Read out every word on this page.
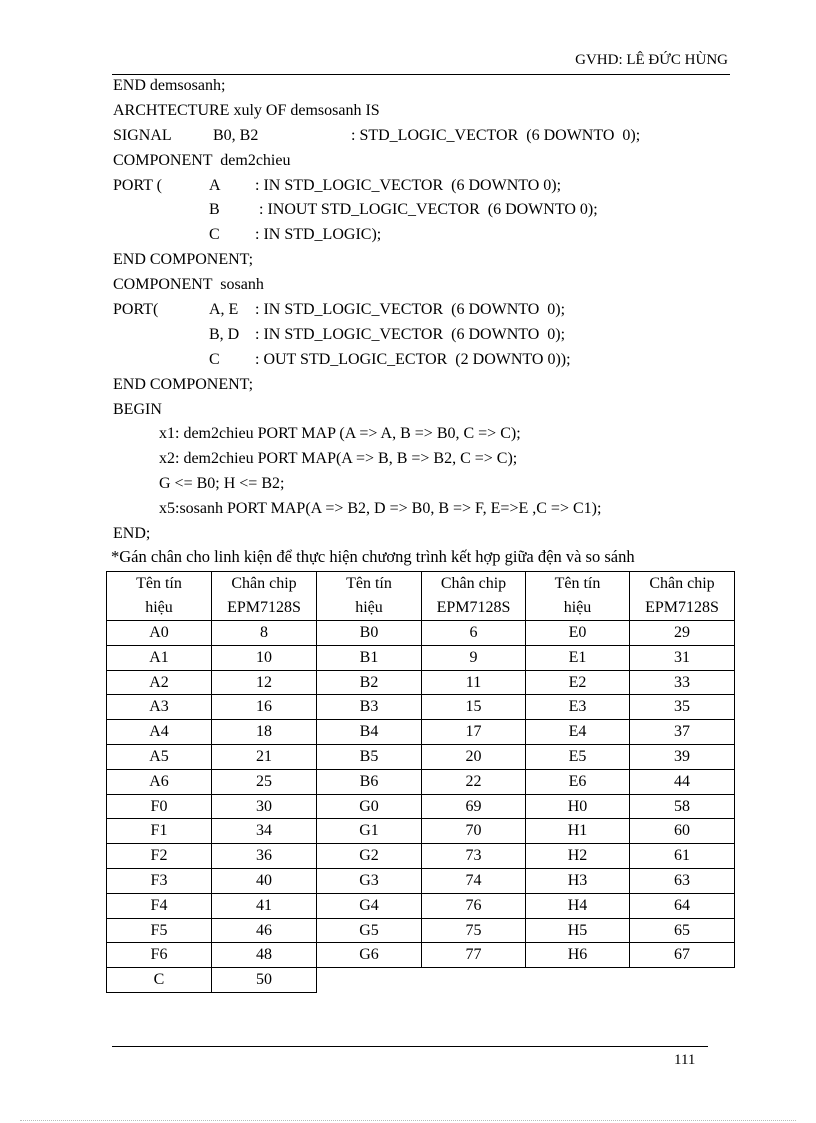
GVHD: LÊ ĐỨC HÙNG
END demsosanh;
ARCHTECTURE xuly OF demsosanh IS
SIGNAL	B0, B2	: STD_LOGIC_VECTOR  (6 DOWNTO  0);
COMPONENT  dem2chieu
PORT (	A : IN STD_LOGIC_VECTOR  (6 DOWNTO 0);
B : INOUT STD_LOGIC_VECTOR  (6 DOWNTO 0);
C : IN STD_LOGIC);
END COMPONENT;
COMPONENT  sosanh
PORT(	A, E : IN STD_LOGIC_VECTOR  (6 DOWNTO  0);
B, D : IN STD_LOGIC_VECTOR  (6 DOWNTO  0);
C : OUT STD_LOGIC_ECTOR  (2 DOWNTO 0));
END COMPONENT;
BEGIN
x1: dem2chieu PORT MAP (A => A, B => B0, C => C);
x2: dem2chieu PORT MAP(A => B, B => B2, C => C);
G <= B0; H <= B2;
x5:sosanh PORT MAP(A => B2, D => B0, B => F, E=>E ,C => C1);
END;
*Gán chân cho linh kiện để thực hiện chương trình kết hợp giữa đện và so sánh
Tên tín	Chân chip	Tên tín	Chân chip	Tên tín	Chân chip
hiệu	EPM7128S	hiệu	EPM7128S	hiệu	EPM7128S
A0	8	B0	6	E0	29
A1	10	B1	9	E1	31
A2	12	B2	11	E2	33
A3	16	B3	15	E3	35
A4	18	B4	17	E4	37
A5	21	B5	20	E5	39
A6	25	B6	22	E6	44
F0	30	G0	69	H0	58
F1	34	G1	70	H1	60
F2	36	G2	73	H2	61
F3	40	G3	74	H3	63
F4	41	G4	76	H4	64
F5	46	G5	75	H5	65
F6	48	G6	77	H6	67
C	50				
111
